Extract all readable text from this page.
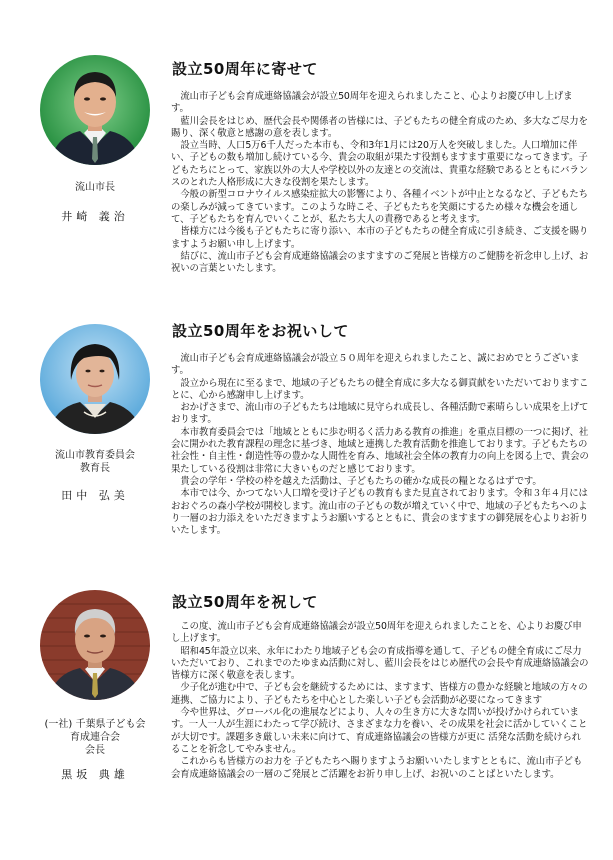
流山市長
井崎 義治
設立50周年に寄せて

流山市子ども会育成連絡協議会が設立50周年を迎えられましたこと、心よりお慶び申し上げます。

藍川会長をはじめ、歴代会長や関係者の皆様には、子どもたちの健全育成のため、多大なご尽力を賜り、深く敬意と感謝の意を表します。

設立当時、人口5万6千人だった本市も、令和3年1月には20万人を突破しました。人口増加に伴い、子どもの数も増加し続けている今、貴会の取組が果たす役割もますます重要になってきます。子どもたちにとって、家族以外の大人や学校以外の友達との交流は、貴重な経験であるとともにバランスのとれた人格形成に大きな役割を果たします。

今般の新型コロナウイルス感染症拡大の影響により、各種イベントが中止となるなど、子どもたちの楽しみが減ってきています。このような時こそ、子どもたちを笑顔にするため様々な機会を通して、子どもたちを育んでいくことが、私たち大人の責務であると考えます。

皆様方には今後も子どもたちに寄り添い、本市の子どもたちの健全育成に引き続き、ご支援を賜りますようお願い申し上げます。

結びに、流山市子ども会育成連絡協議会のますますのご発展と皆様方のご健勝を祈念申し上げ、お祝いの言葉といたします。

流山市教育委員会
教育長
田中 弘美
設立50周年をお祝いして

流山市子ども会育成連絡協議会が設立５０周年を迎えられましたこと、誠におめでとうございます。

設立から現在に至るまで、地域の子どもたちの健全育成に多大なる御貢献をいただいておりますことに、心から感謝申し上げます。

おかげさまで、流山市の子どもたちは地域に見守られ成長し、各種活動で素晴らしい成果を上げております。

本市教育委員会では「地域とともに歩む明るく活力ある教育の推進」を重点目標の一つに掲げ、社会に開かれた教育課程の理念に基づき、地域と連携した教育活動を推進しております。子どもたちの社会性・自主性・創造性等の豊かな人間性を育み、地域社会全体の教育力の向上を図る上で、貴会の果たしている役割は非常に大きいものだと感じております。

貴会の学年・学校の枠を越えた活動は、子どもたちの確かな成長の糧となるはずです。

本市では今、かつてない人口増を受け子どもの教育もまた見直されております。令和３年４月にはおおぐろの森小学校が開校します。流山市の子どもの数が増えていく中で、地域の子どもたちへのより一層のお力添えをいただきますようお願いするとともに、貴会のますますの御発展を心よりお祈りいたします。

(一社) 千葉県子ども会
育成連合会
会長
黒坂 典雄
設立50周年を祝して

この度、流山市子ども会育成連絡協議会が設立50周年を迎えられましたことを、心よりお慶び申し上げます。

昭和45年設立以来、永年にわたり地域子ども会の育成指導を通して、子どもの健全育成にご尽力いただいており、これまでのたゆまぬ活動に対し、藍川会長をはじめ歴代の会長や育成連絡協議会の皆様方に深く敬意を表します。

少子化が進む中で、子ども会を継続するためには、ますます、皆様方の豊かな経験と地域の方々の連携、ご協力により、子どもたちを中心とした楽しい子ども会活動が必要になってきます

今や世界は、グローバル化の進展などにより、人々の生き方に大きな問いが投げかけられています。一人一人が生涯にわたって学び続け、さまざまな力を養い、その成果を社会に活かしていくことが大切です。課題多き厳しい未来に向けて、育成連絡協議会の皆様方が更に 活発な活動を続けられることを祈念してやみません。

これからも皆様方のお力を 子どもたちへ賜りますようお願いいたしますとともに、流山市子ども会育成連絡協議会の一層のご発展とご活躍をお祈り申し上げ、お祝いのことばといたします。
